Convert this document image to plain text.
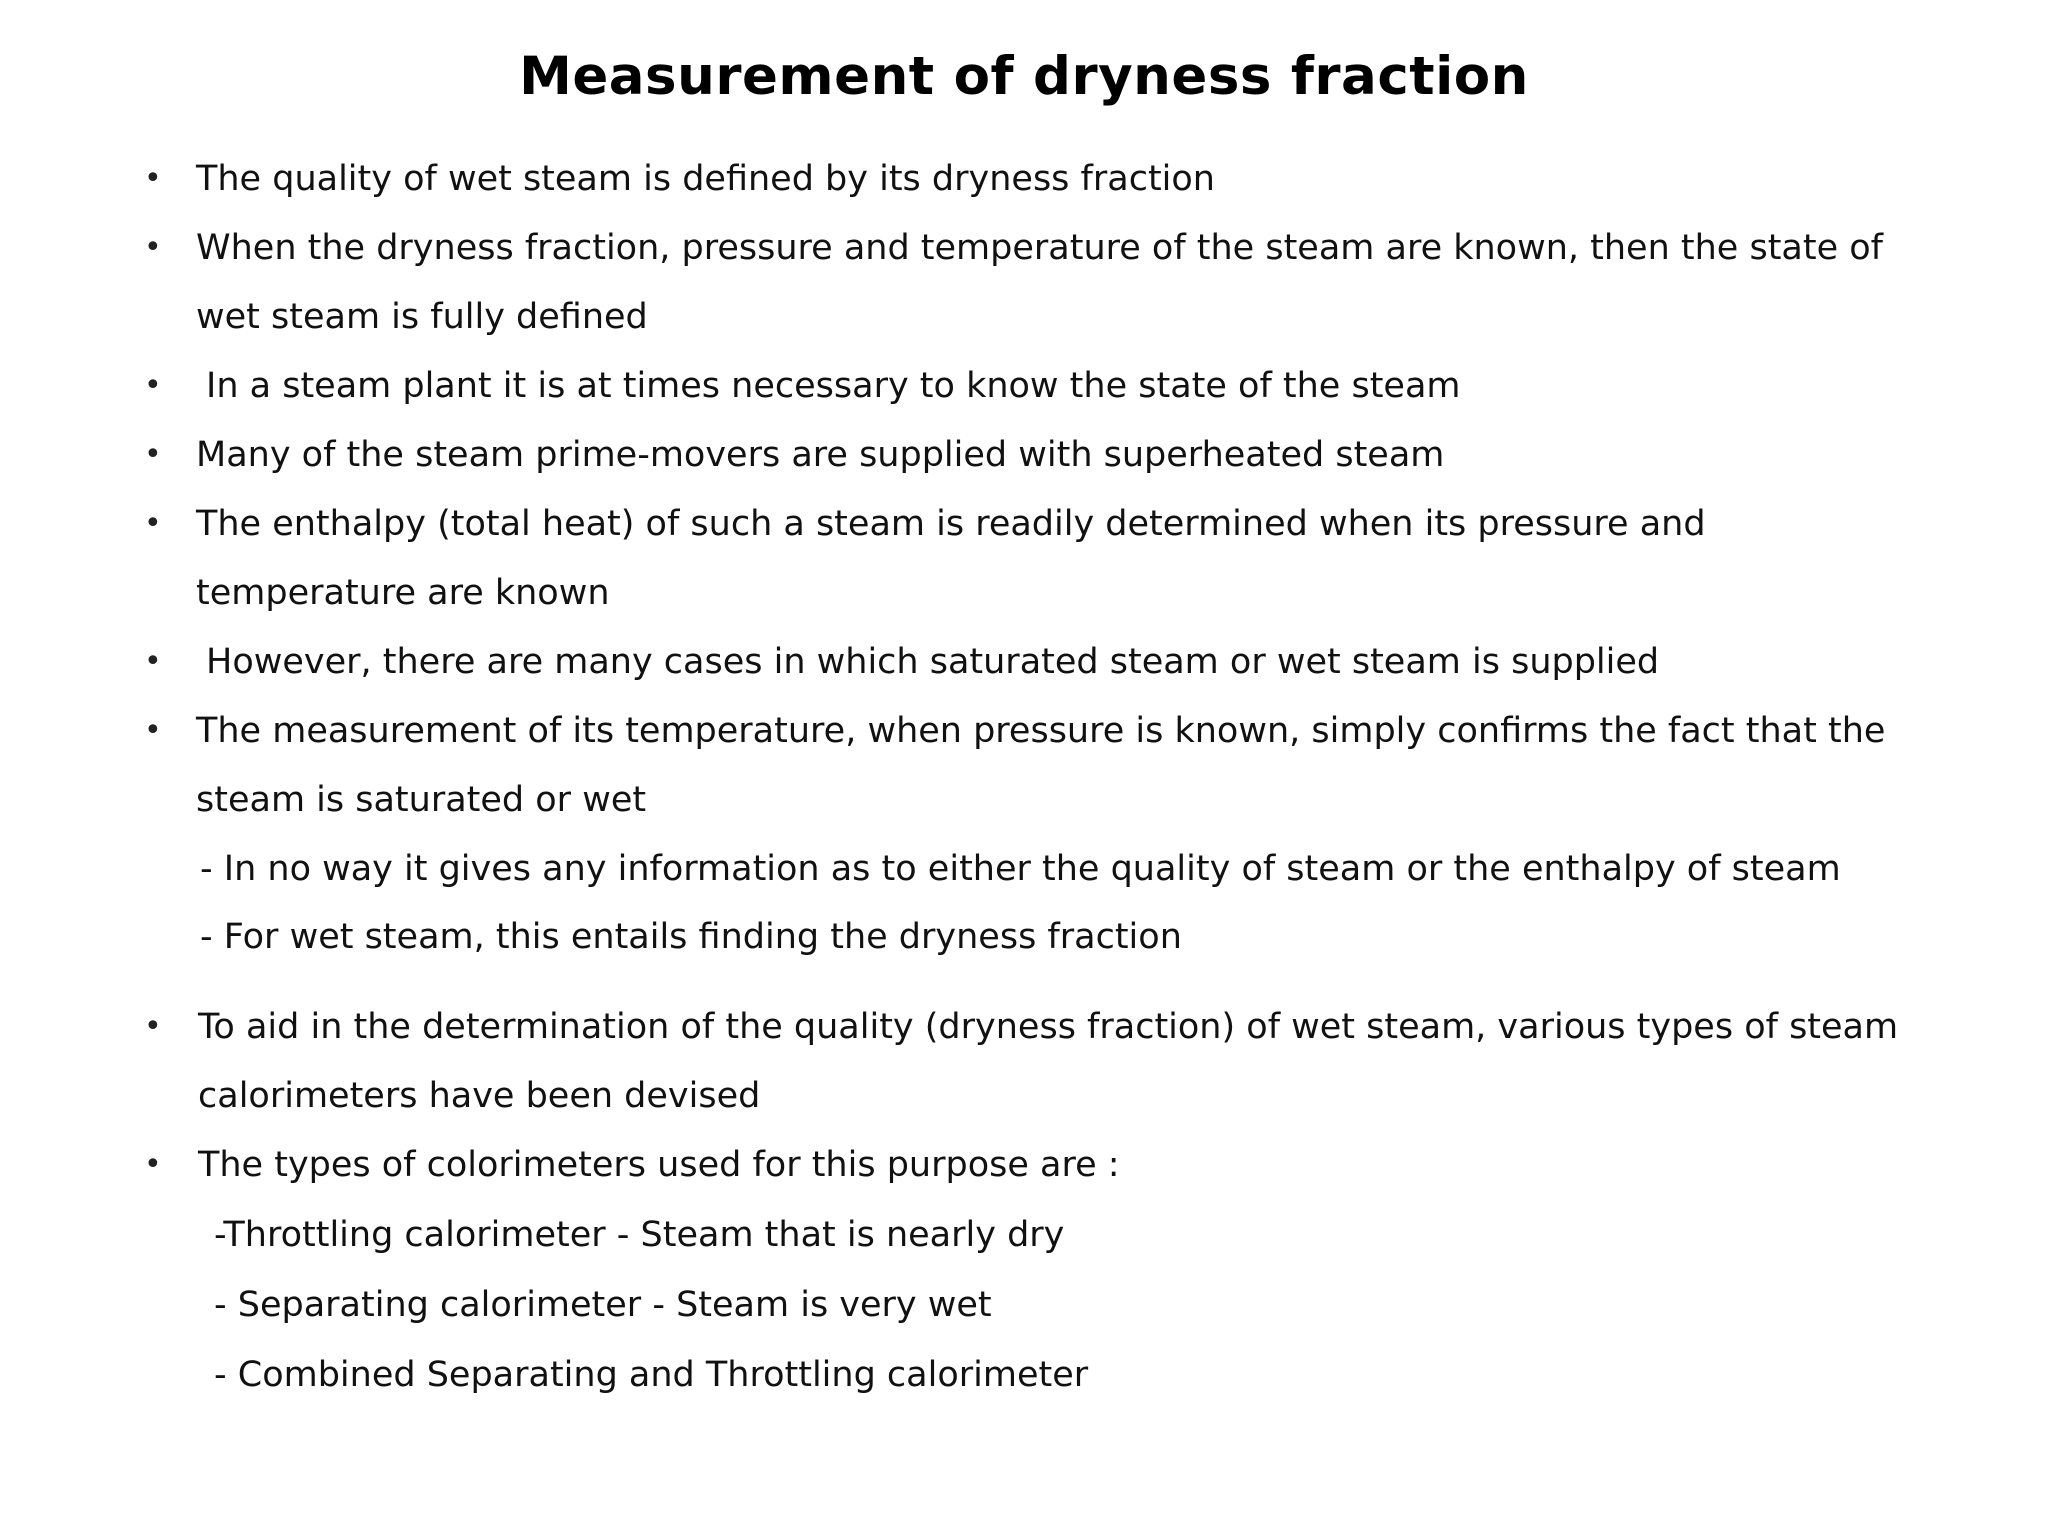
Measurement of dryness fraction
• The quality of wet steam is defined by its dryness fraction
• When the dryness fraction, pressure and temperature of the steam are known, then the state of
wet steam is fully defined
• In a steam plant it is at times necessary to know the state of the steam
• Many of the steam prime-movers are supplied with superheated steam
• The enthalpy (total heat) of such a steam is readily determined when its pressure and
temperature are known
• However, there are many cases in which saturated steam or wet steam is supplied
• The measurement of its temperature, when pressure is known, simply confirms the fact that the
steam is saturated or wet
- In no way it gives any information as to either the quality of steam or the enthalpy of steam
- For wet steam, this entails finding the dryness fraction
• To aid in the determination of the quality (dryness fraction) of wet steam, various types of steam
calorimeters have been devised
• The types of colorimeters used for this purpose are :
-Throttling calorimeter - Steam that is nearly dry
- Separating calorimeter - Steam is very wet
- Combined Separating and Throttling calorimeter
